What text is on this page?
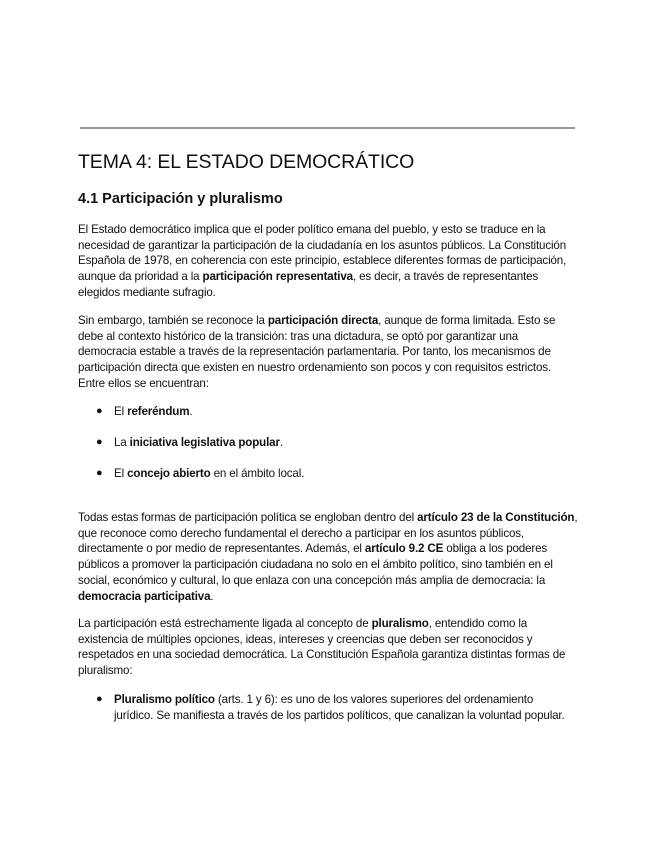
TEMA 4: EL ESTADO DEMOCRÁTICO
4.1 Participación y pluralismo

El Estado democrático implica que el poder político emana del pueblo, y esto se traduce en la necesidad de garantizar la participación de la ciudadanía en los asuntos públicos. La Constitución Española de 1978, en coherencia con este principio, establece diferentes formas de participación, aunque da prioridad a la participación representativa, es decir, a través de representantes elegidos mediante sufragio.

Sin embargo, también se reconoce la participación directa, aunque de forma limitada. Esto se debe al contexto histórico de la transición: tras una dictadura, se optó por garantizar una democracia estable a través de la representación parlamentaria. Por tanto, los mecanismos de participación directa que existen en nuestro ordenamiento son pocos y con requisitos estrictos. Entre ellos se encuentran:

● El referéndum.
● La iniciativa legislativa popular.
● El concejo abierto en el ámbito local.

Todas estas formas de participación política se engloban dentro del artículo 23 de la Constitución, que reconoce como derecho fundamental el derecho a participar en los asuntos públicos, directamente o por medio de representantes. Además, el artículo 9.2 CE obliga a los poderes públicos a promover la participación ciudadana no solo en el ámbito político, sino también en el social, económico y cultural, lo que enlaza con una concepción más amplia de democracia: la democracia participativa.

La participación está estrechamente ligada al concepto de pluralismo, entendido como la existencia de múltiples opciones, ideas, intereses y creencias que deben ser reconocidos y respetados en una sociedad democrática. La Constitución Española garantiza distintas formas de pluralismo:

● Pluralismo político (arts. 1 y 6): es uno de los valores superiores del ordenamiento jurídico. Se manifiesta a través de los partidos políticos, que canalizan la voluntad popular.
